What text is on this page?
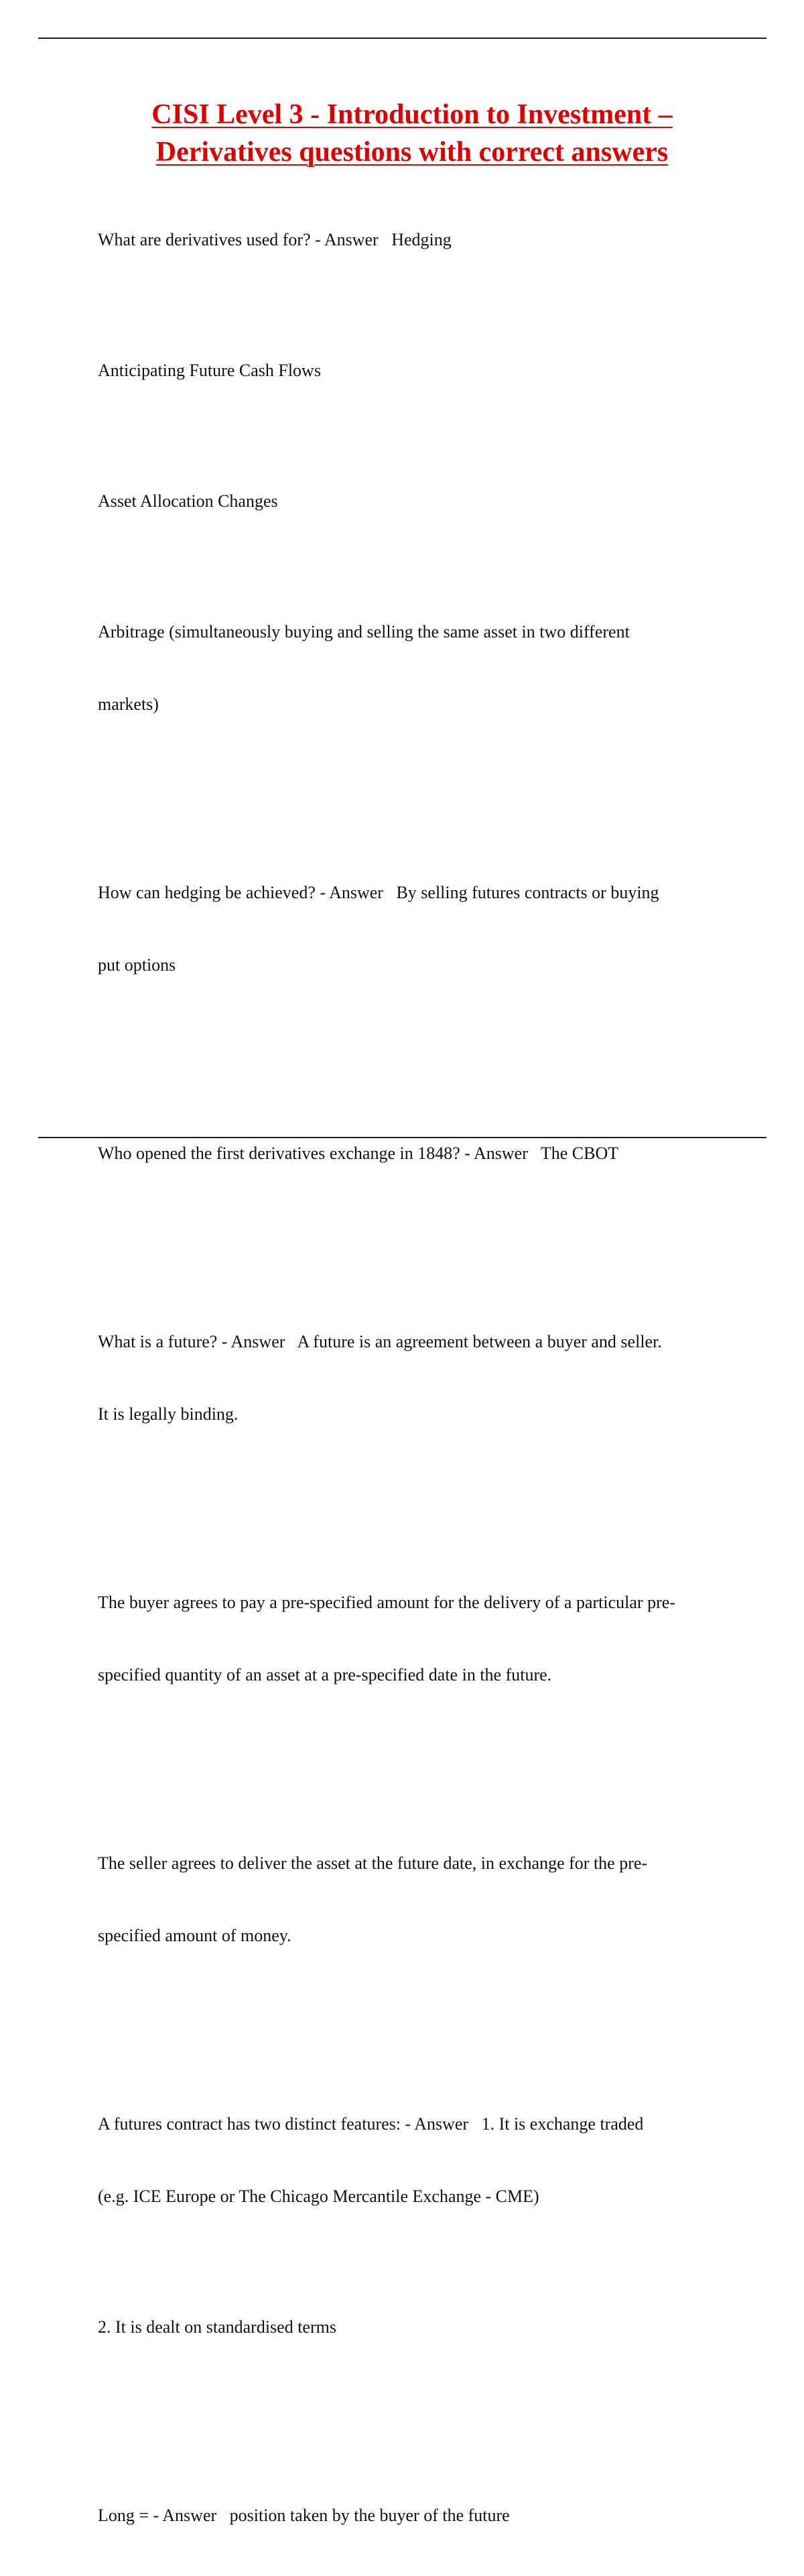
CISI Level 3 - Introduction to Investment –
Derivatives questions with correct answers

What are derivatives used for? - Answer   Hedging

Anticipating Future Cash Flows

Asset Allocation Changes

Arbitrage (simultaneously buying and selling the same asset in two different

markets)

How can hedging be achieved? - Answer   By selling futures contracts or buying

put options

Who opened the first derivatives exchange in 1848? - Answer   The CBOT

What is a future? - Answer   A future is an agreement between a buyer and seller.

It is legally binding.

The buyer agrees to pay a pre-specified amount for the delivery of a particular pre-

specified quantity of an asset at a pre-specified date in the future.

The seller agrees to deliver the asset at the future date, in exchange for the pre-

specified amount of money.

A futures contract has two distinct features: - Answer   1. It is exchange traded

(e.g. ICE Europe or The Chicago Mercantile Exchange - CME)

2. It is dealt on standardised terms

Long = - Answer   position taken by the buyer of the future
